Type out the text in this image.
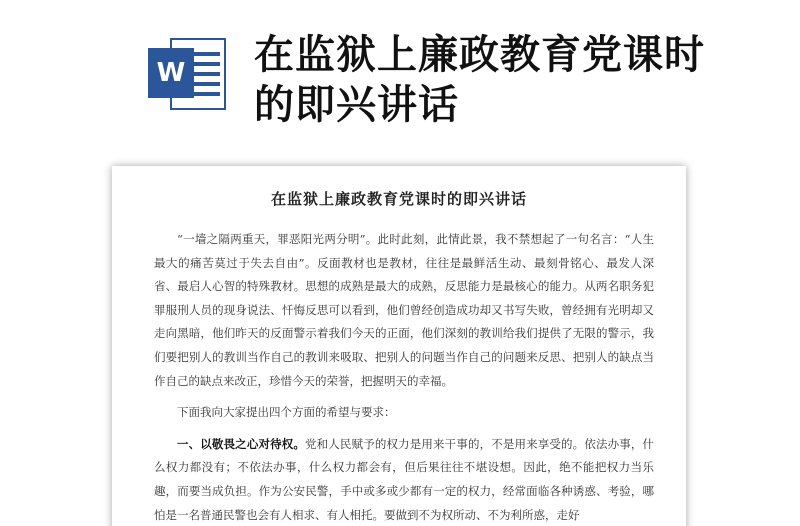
W 在监狱上廉政教育党课时的即兴讲话
在监狱上廉政教育党课时的即兴讲话

“一墙之隔两重天，罪恶阳光两分明”。此时此刻，此情此景，我不禁想起了一句名言：“人生最大的痛苦莫过于失去自由”。反面教材也是教材，往往是最鲜活生动、最刻骨铭心、最发人深省、最启人心智的特殊教材。思想的成熟是最大的成熟，反思能力是最核心的能力。从两名职务犯罪服刑人员的现身说法、忏悔反思可以看到，他们曾经创造成功却又书写失败，曾经拥有光明却又走向黑暗，他们昨天的反面警示着我们今天的正面，他们深刻的教训给我们提供了无限的警示，我们要把别人的教训当作自己的教训来吸取、把别人的问题当作自己的问题来反思、把别人的缺点当作自己的缺点来改正，珍惜今天的荣誉，把握明天的幸福。

下面我向大家提出四个方面的希望与要求：

一、以敬畏之心对待权。党和人民赋予的权力是用来干事的，不是用来享受的。依法办事，什么权力都没有；不依法办事，什么权力都会有，但后果往往不堪设想。因此，绝不能把权力当乐趣，而要当成负担。作为公安民警，手中或多或少都有一定的权力，经常面临各种诱惑、考验，哪怕是一名普通民警也会有人相求、有人相托。要做到不为权所动、不为利所惑，走好
